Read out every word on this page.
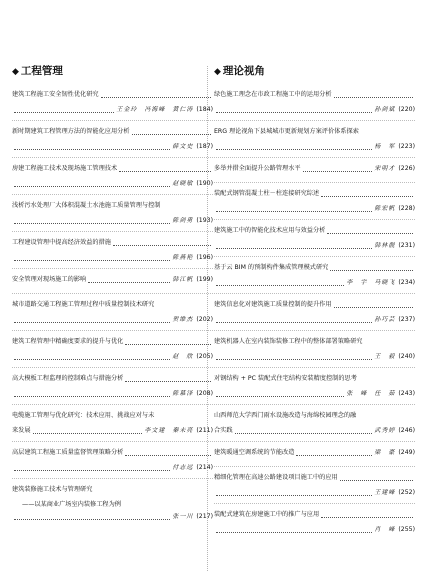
◆ 工程管理
建筑工程施工安全韧性优化研究
王金玲　冯海峰　黄仁涛 (184)
新时期建筑工程管理方法的智能化应用分析
薛文史 (187)
房建工程施工技术及现场施工管理技术
赵晓敏 (190)
浅析污水处理厂大体积混凝土水池施工质量管理与控制
陈剑勇 (193)
工程建设管理中提高经济效益的措施
陈燕艳 (196)
安全管理对现场施工的影响	韩江帆 (199)
城市道路交通工程施工管理过程中质量控制技术研究
贺维杰 (202)
建筑工程管理中精确度要求的提升与优化
赵　欣 (205)
高大模板工程监理的控制难点与措施分析
陈慕泽 (208)
电缆施工管理与优化研究：技术应用、挑战应对与未
来发展	李文建　秦未亮 (211)
高层建筑工程施工质量监督管理策略分析
付志远 (214)
建筑装修施工技术与管理研究
——以某商业广场室内装修工程为例
张一川 (217)
◆ 理论视角
绿色施工理念在市政工程施工中的运用分析
孙剑斌 (220)
ERG 理论视角下县城城市更新规划方案评价体系探索
杨　军 (223)
多举并措全面提升公路管理水平	宋明才 (226)
装配式钢管混凝土柱－柱连接研究综述
陈宏帆 (228)
建筑施工中的智能化技术应用与效益分析
韩林靓 (231)
基于云 BIM 的预制构件集成管理模式研究
李　宇　马晓飞 (234)
建筑信息化对建筑施工质量控制的提升作用
孙巧芸 (237)
建筑机器人在室内装饰装修工程中的整体部署策略研究
王　毅 (240)
对钢结构 + PC 装配式住宅结构安装精度控制的思考
张　峰　任　茹 (243)
山西师范大学西门雨水设施改造与海绵校园理念的融
合实践	武秀婷 (246)
建筑暖通空调系统的节能改造	梁　豪 (249)
精细化管理在高速公路建设项目施工中的应用
王建峰 (252)
装配式建筑在房建施工中的推广与应用
肖　峰 (255)
